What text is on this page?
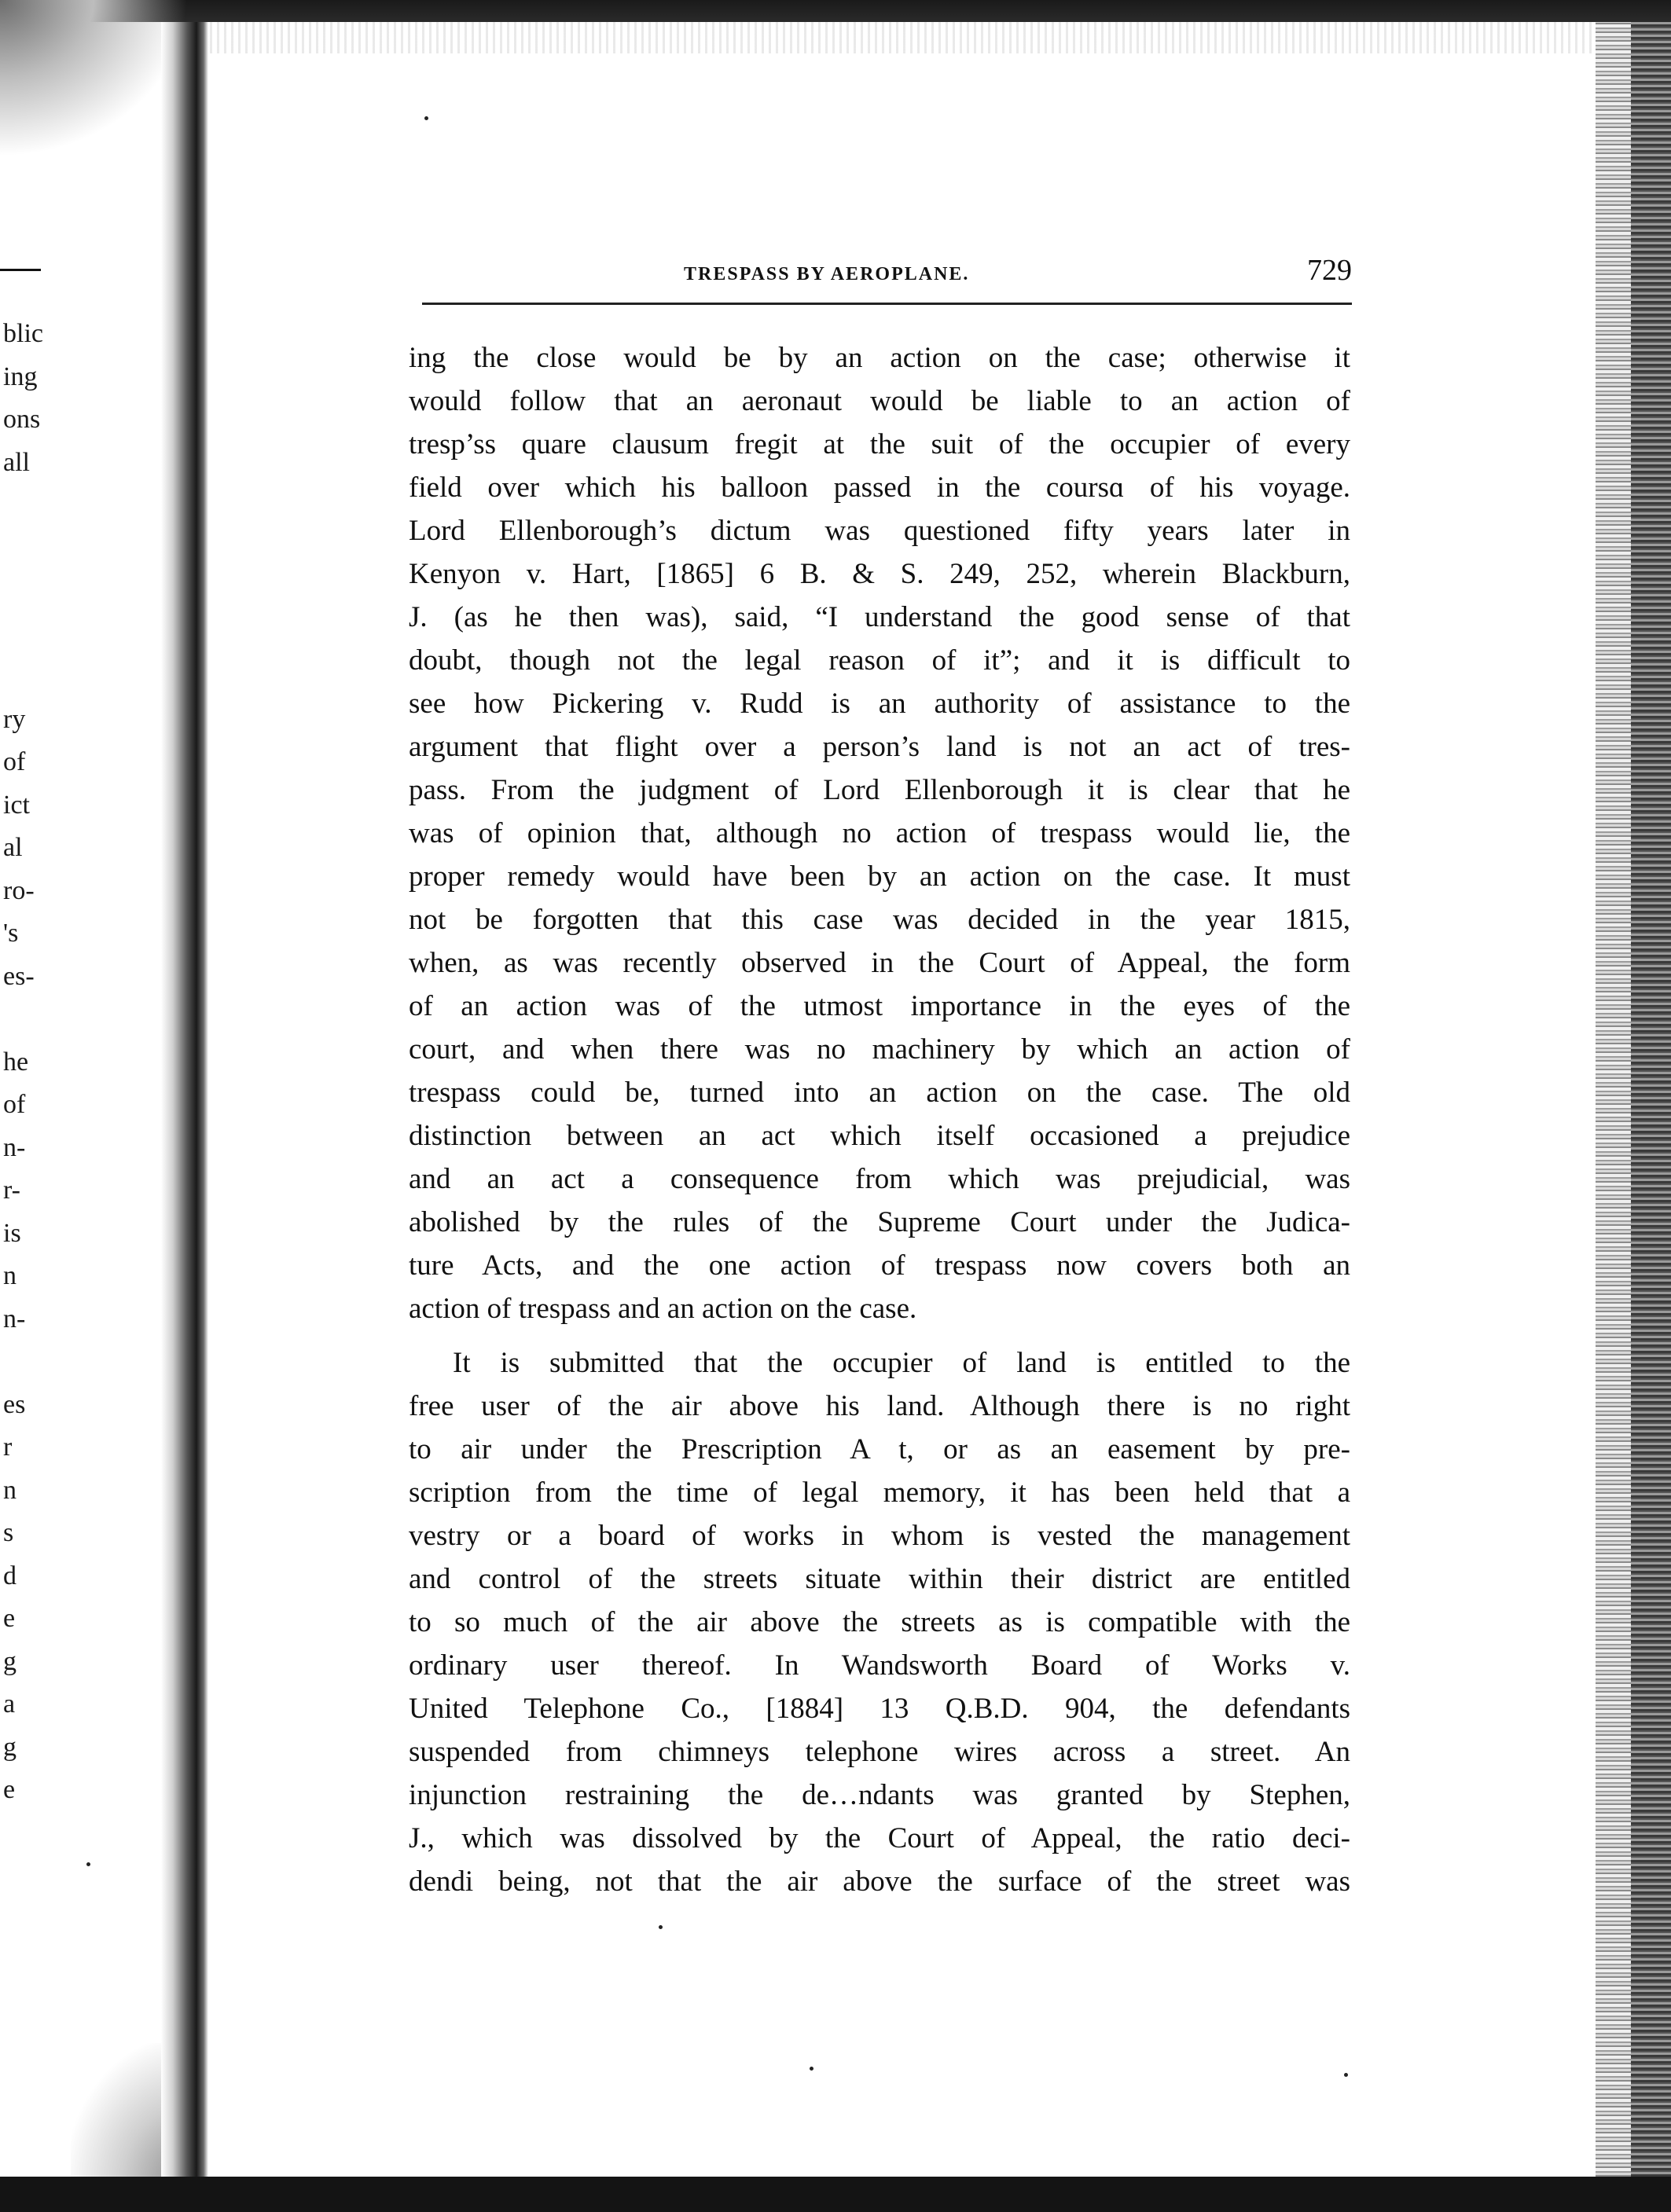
blic
ing
ons
all
ry
of
ict
al
ro-
's
es-
he
of
n-
r-
is
n
n-
es
r
n
s
d
e
g
a
g
e
TRESPASS BY AEROPLANE.	729
ing the close would be by an action on the case; otherwise it
would follow that an aeronaut would be liable to an action of
tresp’ss quare clausum fregit at the suit of the occupier of every
field over which his balloon passed in the coursɑ of his voyage.
Lord Ellenborough’s dictum was questioned fifty years later in
Kenyon v. Hart, [1865] 6 B. & S. 249, 252, wherein Blackburn,
J. (as he then was), said, “I understand the good sense of that
doubt, though not the legal reason of it”; and it is difficult to
see how Pickering v. Rudd is an authority of assistance to the
argument that flight over a person’s land is not an act of tres-
pass. From the judgment of Lord Ellenborough it is clear that he
was of opinion that, although no action of trespass would lie, the
proper remedy would have been by an action on the case. It must
not be forgotten that this case was decided in the year 1815,
when, as was recently observed in the Court of Appeal, the form
of an action was of the utmost importance in the eyes of the
court, and when there was no machinery by which an action of
trespass could be, turned into an action on the case. The old
distinction between an act which itself occasioned a prejudice
and an act a consequence from which was prejudicial, was
abolished by the rules of the Supreme Court under the Judica-
ture Acts, and the one action of trespass now covers both an
action of trespass and an action on the case.
It is submitted that the occupier of land is entitled to the
free user of the air above his land. Although there is no right
to air under the Prescription A t, or as an easement by pre-
scription from the time of legal memory, it has been held that a
vestry or a board of works in whom is vested the management
and control of the streets situate within their district are entitled
to so much of the air above the streets as is compatible with the
ordinary user thereof. In Wandsworth Board of Works v.
United Telephone Co., [1884] 13 Q.B.D. 904, the defendants
suspended from chimneys telephone wires across a street. An
injunction restraining the de…ndants was granted by Stephen,
J., which was dissolved by the Court of Appeal, the ratio deci-
dendi being, not that the air above the surface of the street was
